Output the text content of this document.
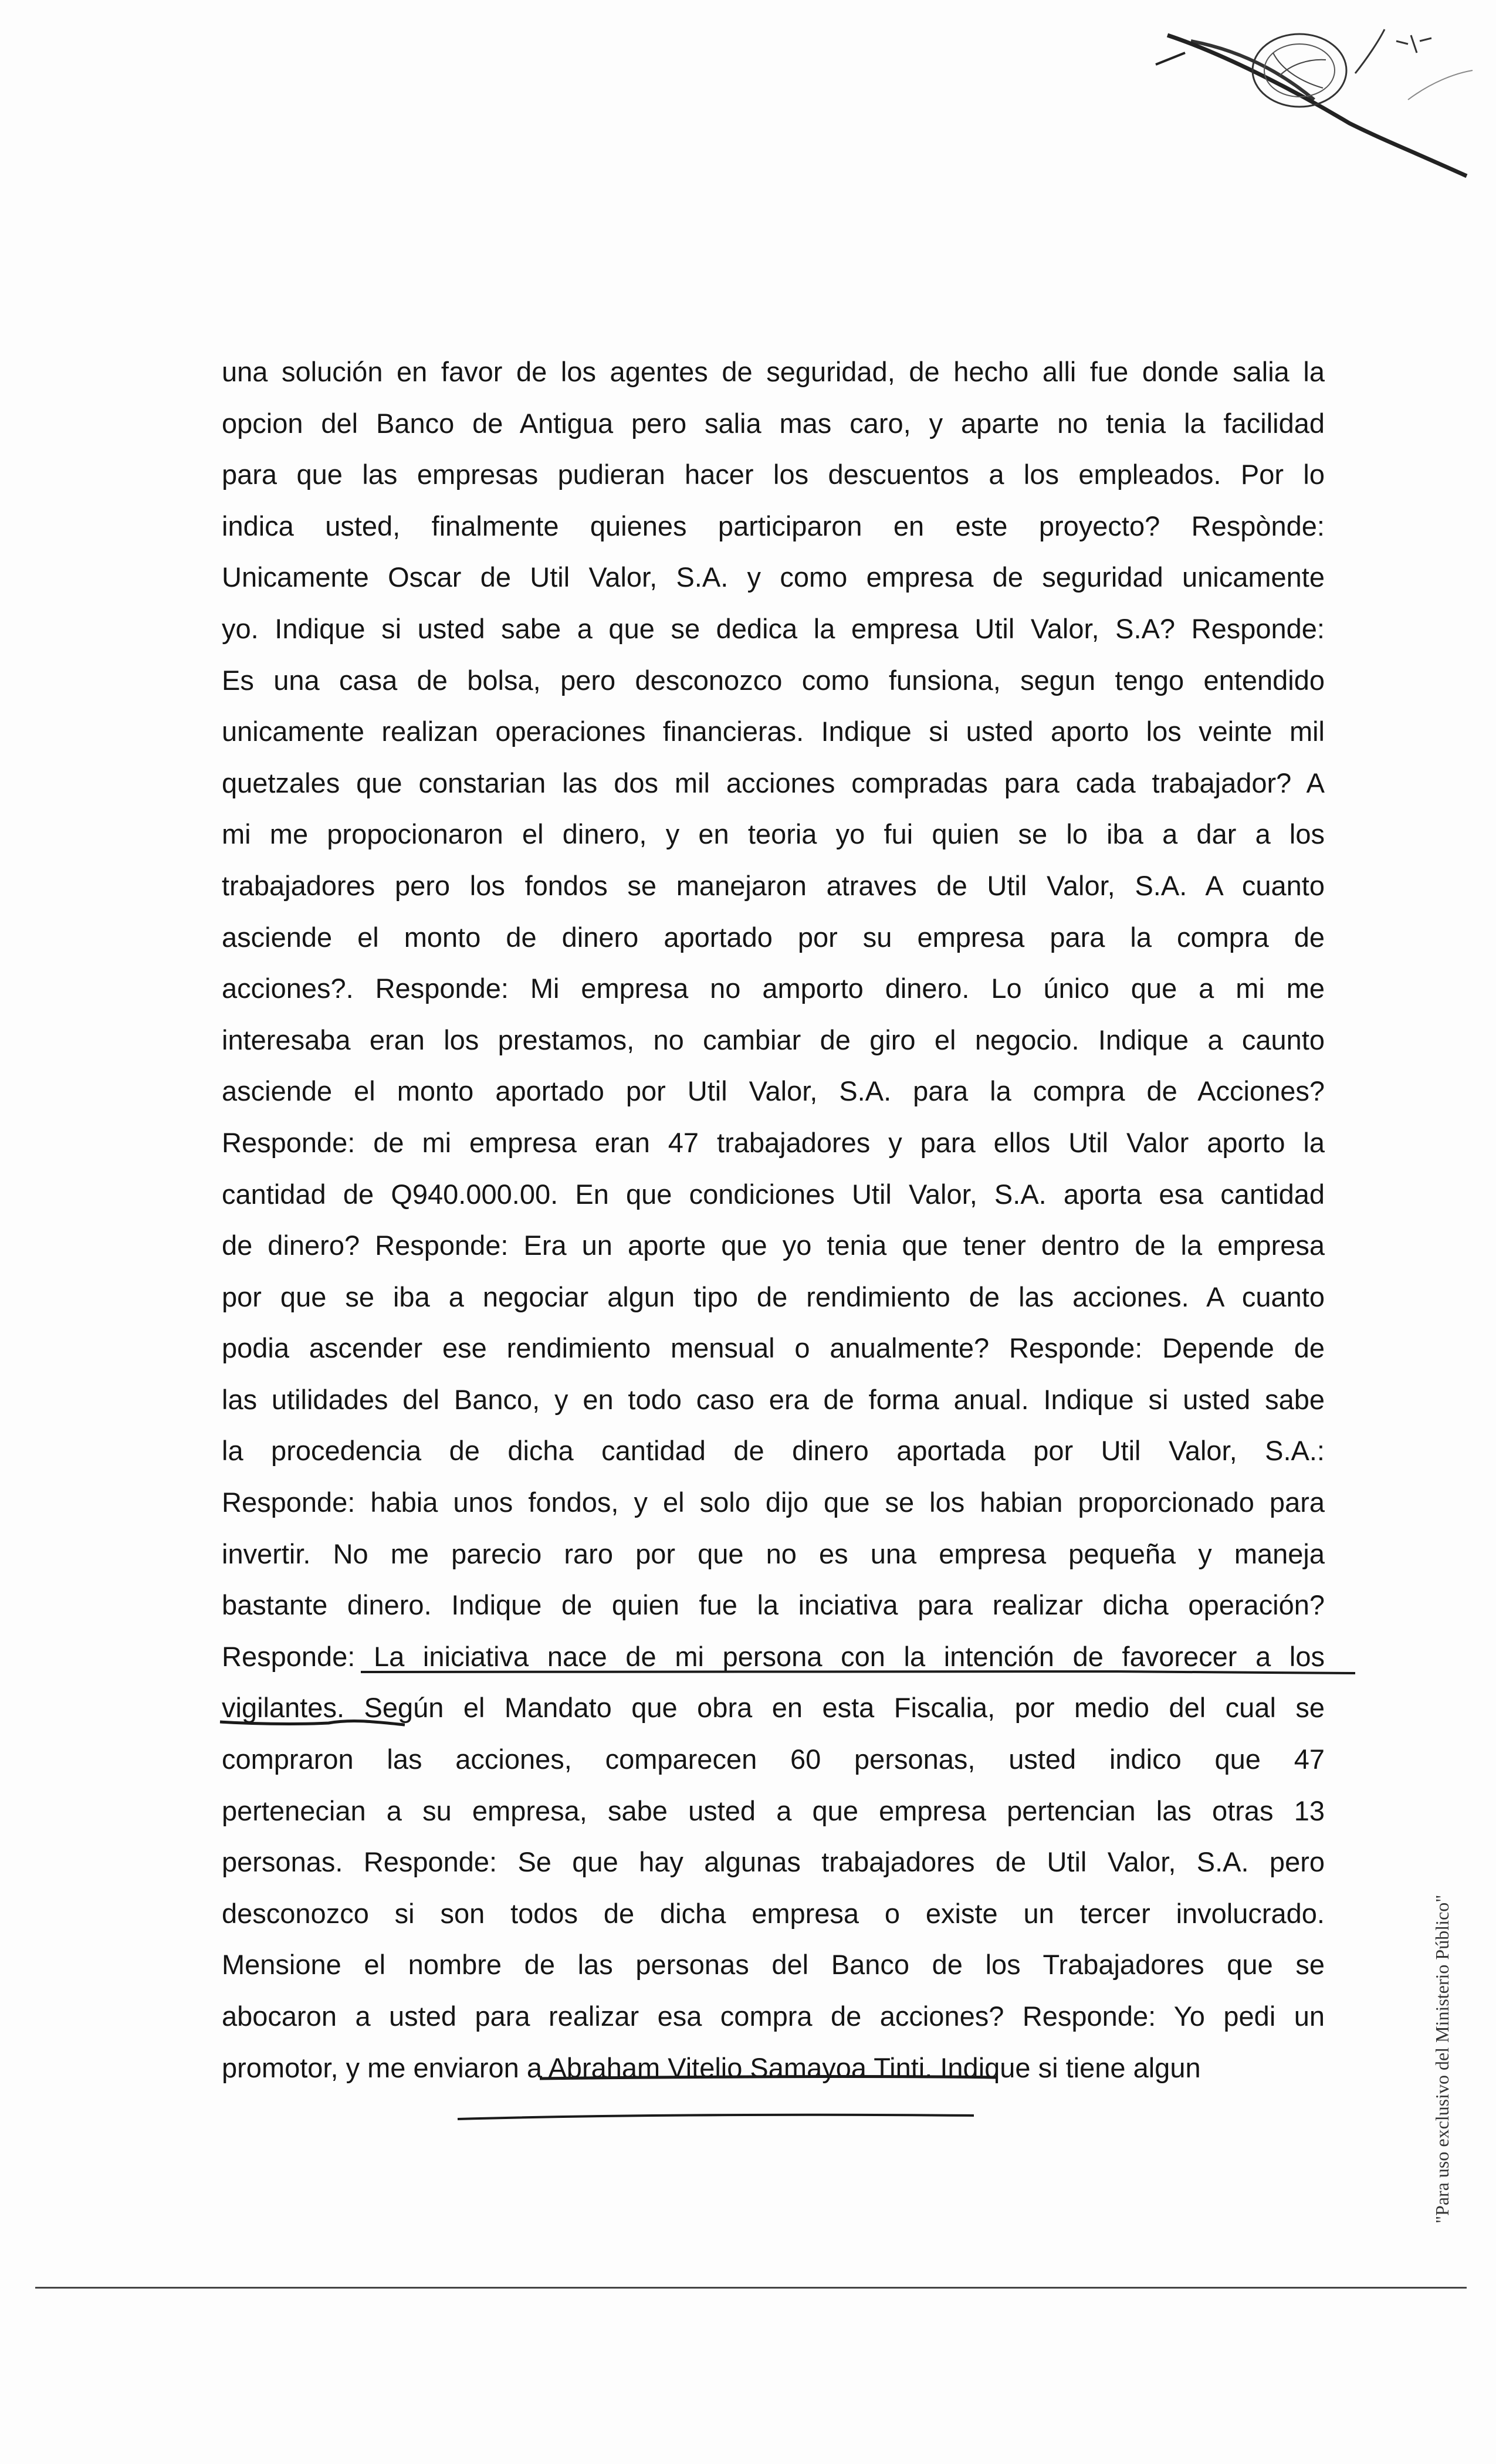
una solución en favor de los agentes de seguridad, de hecho alli fue donde salia la
opcion del Banco de Antigua pero salia mas caro, y aparte no tenia la facilidad
para que las empresas pudieran hacer los descuentos a los empleados. Por lo
indica usted, finalmente quienes participaron en este proyecto? Respònde:
Unicamente Oscar de Util Valor, S.A. y como empresa de seguridad unicamente
yo. Indique si usted sabe a que se dedica la empresa Util Valor, S.A? Responde:
Es una casa de bolsa, pero desconozco como funsiona, segun tengo entendido
unicamente realizan operaciones financieras. Indique si usted aporto los veinte mil
quetzales que constarian las dos mil acciones compradas para cada trabajador? A
mi me propocionaron el dinero, y en teoria yo fui quien se lo iba a dar a los
trabajadores pero los fondos se manejaron atraves de Util Valor, S.A. A cuanto
asciende el monto de dinero aportado por su empresa para la compra de
acciones?. Responde: Mi empresa no amporto dinero. Lo único que a mi me
interesaba eran los prestamos, no cambiar de giro el negocio. Indique a caunto
asciende el monto aportado por Util Valor, S.A. para la compra de Acciones?
Responde: de mi empresa eran 47 trabajadores y para ellos Util Valor aporto la
cantidad de Q940.000.00. En que condiciones Util Valor, S.A. aporta esa cantidad
de dinero? Responde: Era un aporte que yo tenia que tener dentro de la empresa
por que se iba a negociar algun tipo de rendimiento de las acciones. A cuanto
podia ascender ese rendimiento mensual o anualmente? Responde: Depende de
las utilidades del Banco, y en todo caso era de forma anual. Indique si usted sabe
la procedencia de dicha cantidad de dinero aportada por Util Valor, S.A.:
Responde: habia unos fondos, y el solo dijo que se los habian proporcionado para
invertir. No me parecio raro por que no es una empresa pequeña y maneja
bastante dinero. Indique de quien fue la inciativa para realizar dicha operación?
Responde: La iniciativa nace de mi persona con la intención de favorecer a los
vigilantes. Según el Mandato que obra en esta Fiscalia, por medio del cual se
compraron las acciones, comparecen 60 personas, usted indico que 47
pertenecian a su empresa, sabe usted a que empresa pertencian las otras 13
personas. Responde: Se que hay algunas trabajadores de Util Valor, S.A. pero
desconozco si son todos de dicha empresa o existe un tercer involucrado.
Mensione el nombre de las personas del Banco de los Trabajadores que se
abocaron a usted para realizar esa compra de acciones? Responde: Yo pedi un
promotor, y me enviaron a Abraham Vitelio Samayoa Tinti. Indique si tiene algun	"Para uso exclusivo del Ministerio Público"
